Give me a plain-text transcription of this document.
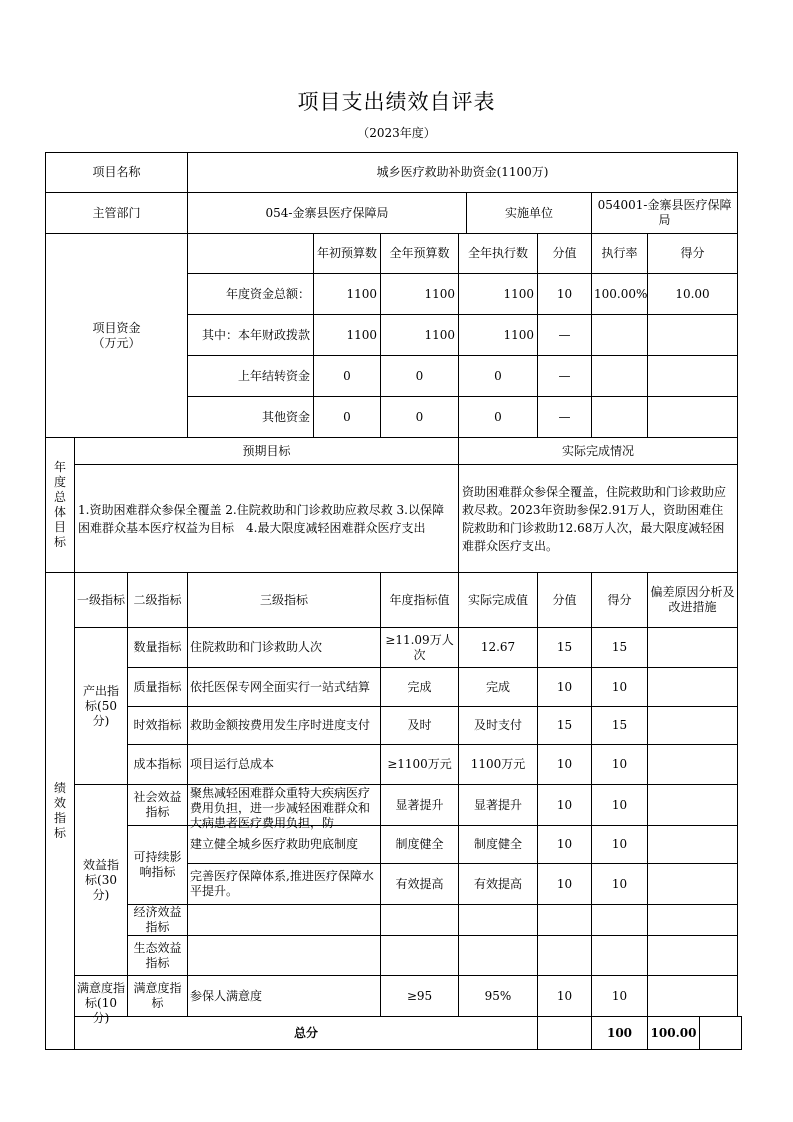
项目支出绩效自评表
（2023年度）
项目名称			城乡医疗救助补助资金(1100万)								
主管部门			054-金寨县医疗保障局				实施单位		054001-金寨县医疗保障局		
项目资金
（万元）				年初预算数	全年预算数	全年执行数		分值	执行率	得分	
			年度资金总额：	1100	1100	1100		10	100.00%	10.00	
			其中：本年财政拨款	1100	1100	1100		—			
			上年结转资金	0	0	0		—			
			其他资金	0	0	0		—			
年度总体目标	预期目标					实际完成情况					
	1.资助困难群众参保全覆盖 2.住院救助和门诊救助应救尽救 3.以保障困难群众基本医疗权益为目标　4.最大限度减轻困难群众医疗支出					资助困难群众参保全覆盖，住院救助和门诊救助应救尽救。2023年资助参保2.91万人，资助困难住院救助和门诊救助12.68万人次，最大限度减轻困难群众医疗支出。					
绩效指标	一级指标	二级指标	三级指标		年度指标值	实际完成值		分值	得分	偏差原因分析及改进措施	
	产出指标(50分)	数量指标	住院救助和门诊救助人次		≥11.09万人次	12.67		15	15		
		质量指标	依托医保专网全面实行一站式结算		完成	完成		10	10		
		时效指标	救助金额按费用发生序时进度支付		及时	及时支付		15	15		
		成本指标	项目运行总成本		≥1100万元	1100万元		10	10		
	效益指标(30分)	社会效益指标	聚焦减轻困难群众重特大疾病医疗费用负担，进一步减轻困难群众和大病患者医疗费用负担，防		显著提升	显著提升		10	10		
		可持续影响指标	建立健全城乡医疗救助兜底制度		制度健全	制度健全		10	10		
			完善医疗保障体系,推进医疗保障水平提升。		有效提高	有效提高		10	10		
		经济效益指标									
		生态效益指标									

	满意度指标(10分)	满意度指标	参保人满意度		≥95	95%		10	10		
	总分								100	100.00	
